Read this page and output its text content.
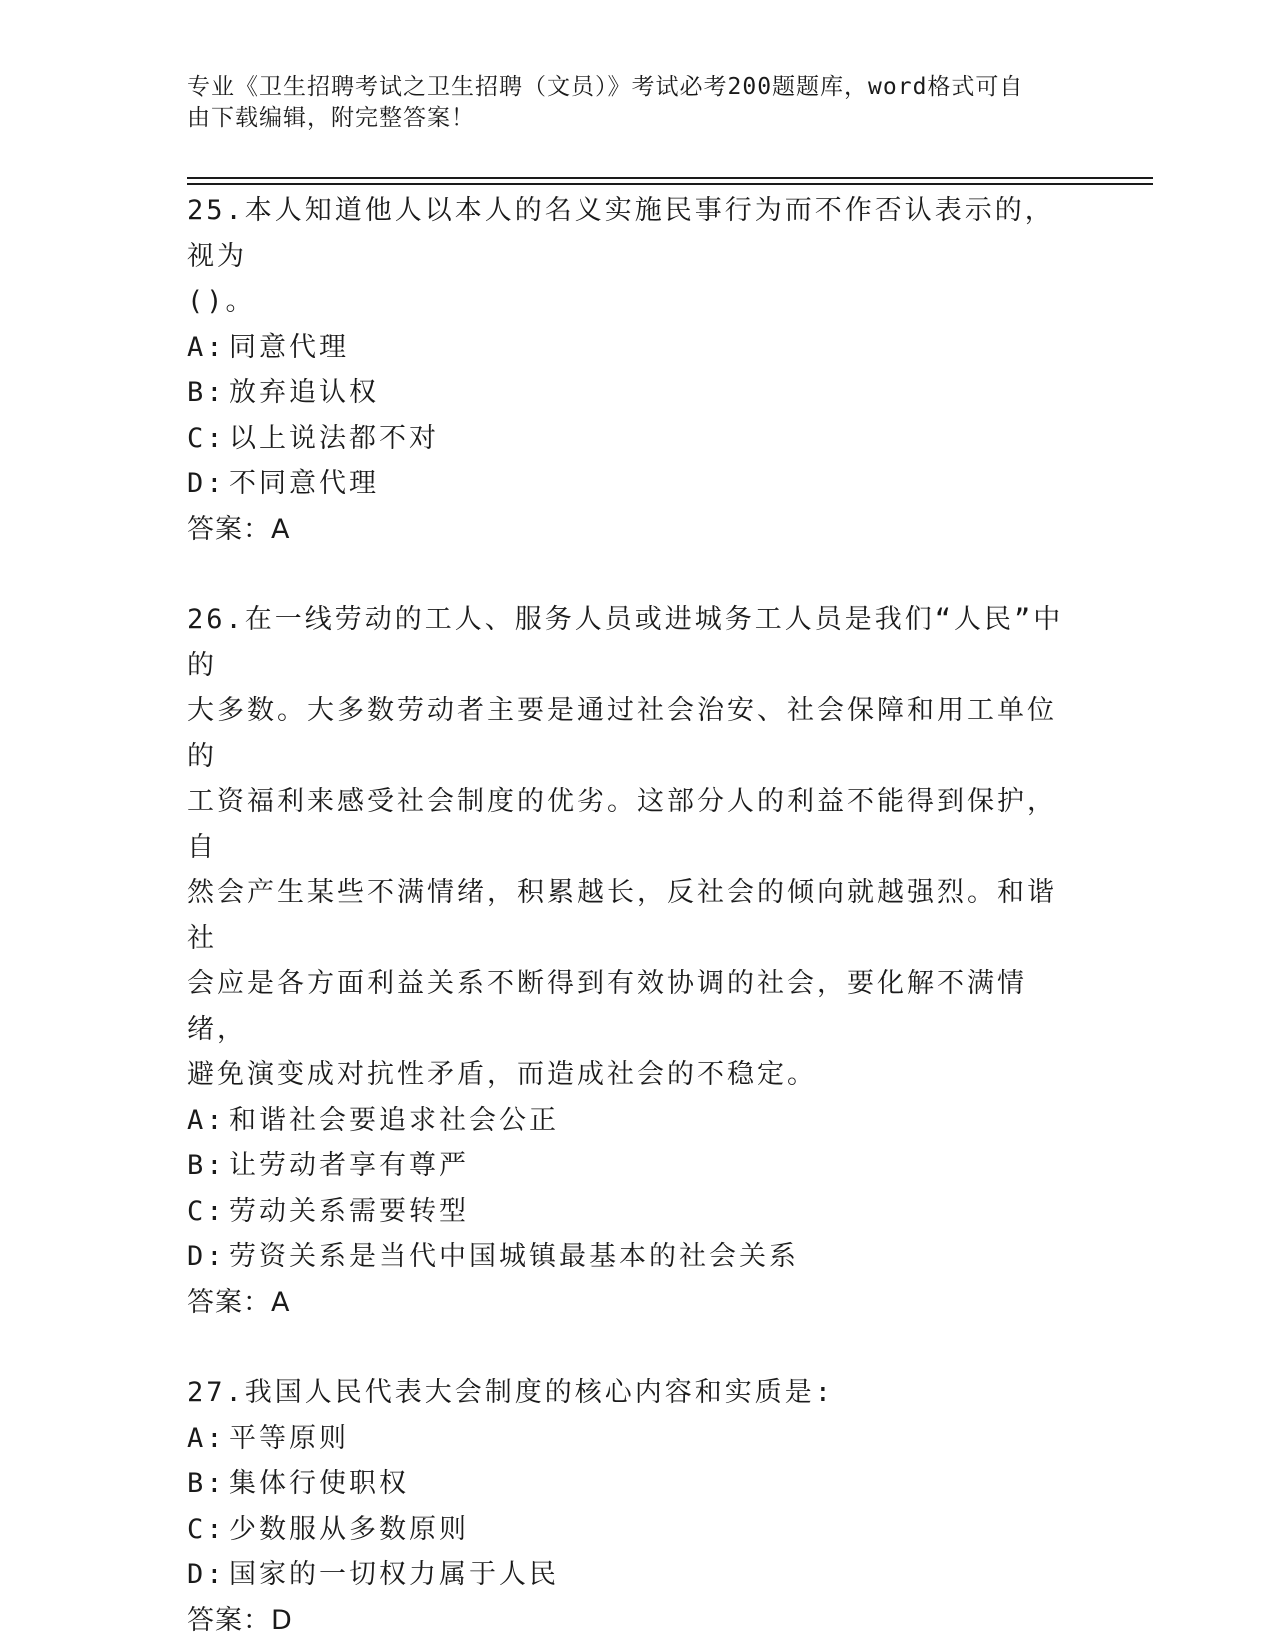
专业《卫生招聘考试之卫生招聘（文员）》考试必考200题题库，word格式可自
由下载编辑，附完整答案！

25.本人知道他人以本人的名义实施民事行为而不作否认表示的，视为

()。

A: 同意代理

B: 放弃追认权

C: 以上说法都不对

D: 不同意代理

答案：A

26.在一线劳动的工人、服务人员或进城务工人员是我们“人民”中的

大多数。大多数劳动者主要是通过社会治安、社会保障和用工单位的

工资福利来感受社会制度的优劣。这部分人的利益不能得到保护，自

然会产生某些不满情绪，积累越长，反社会的倾向就越强烈。和谐社

会应是各方面利益关系不断得到有效协调的社会，要化解不满情绪，

避免演变成对抗性矛盾，而造成社会的不稳定。

A: 和谐社会要追求社会公正

B: 让劳动者享有尊严

C: 劳动关系需要转型

D: 劳资关系是当代中国城镇最基本的社会关系

答案：A

27.我国人民代表大会制度的核心内容和实质是:

A: 平等原则

B: 集体行使职权

C: 少数服从多数原则

D: 国家的一切权力属于人民

答案：D
